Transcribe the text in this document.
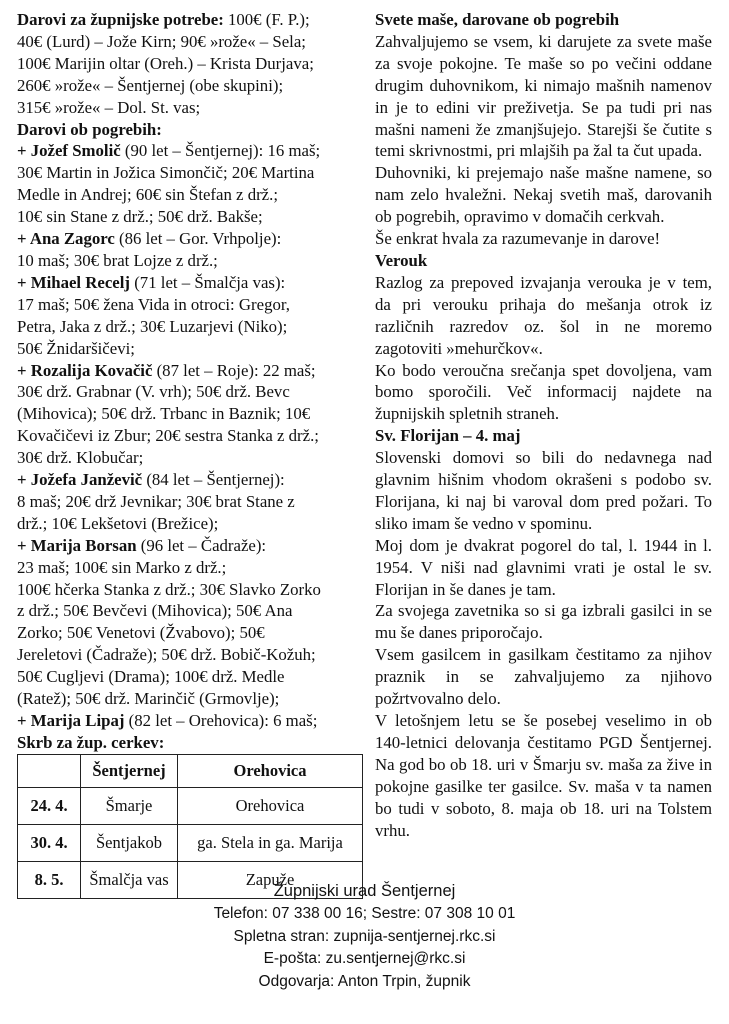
Darovi za župnijske potrebe: 100€ (F. P.);

40€ (Lurd) – Jože Kirn; 90€ »rože« – Sela;

100€ Marijin oltar (Oreh.) – Krista Durjava;

260€ »rože« – Šentjernej (obe skupini);

315€ »rože« – Dol. St. vas;

Darovi ob pogrebih:

+ Jožef Smolič (90 let – Šentjernej): 16 maš;

30€ Martin in Jožica Simončič; 20€ Martina

Medle in Andrej; 60€ sin Štefan z drž.;

10€ sin Stane z drž.; 50€ drž. Bakše;

+ Ana Zagorc (86 let – Gor. Vrhpolje):

10 maš; 30€ brat Lojze z drž.;

+ Mihael Recelj (71 let – Šmalčja vas):

17 maš; 50€ žena Vida in otroci: Gregor,

Petra, Jaka z drž.; 30€ Luzarjevi (Niko);

50€ Žnidaršičevi;

+ Rozalija Kovačič (87 let – Roje): 22 maš;

30€ drž. Grabnar (V. vrh); 50€ drž. Bevc

(Mihovica); 50€ drž. Trbanc in Baznik; 10€

Kovačičevi iz Zbur; 20€ sestra Stanka z drž.;

30€ drž. Klobučar;

+ Jožefa Janževič (84 let – Šentjernej):

8 maš; 20€ drž Jevnikar; 30€ brat Stane z

drž.; 10€ Lekšetovi (Brežice);

+ Marija Borsan (96 let – Čadraže):

23 maš; 100€ sin Marko z drž.;

100€ hčerka Stanka z drž.; 30€ Slavko Zorko

z drž.; 50€ Bevčevi (Mihovica); 50€ Ana

Zorko; 50€ Venetovi (Žvabovo); 50€

Jereletovi (Čadraže); 50€ drž. Bobič-Kožuh;

50€ Cugljevi (Drama); 100€ drž. Medle

(Ratež); 50€ drž. Marinčič (Grmovlje);

+ Marija Lipaj (82 let – Orehovica): 6 maš;

Skrb za žup. cerkev:

	Šentjernej	Orehovica
24. 4.	Šmarje	Orehovica
30. 4.	Šentjakob	ga. Stela in ga. Marija
8. 5.	Šmalčja vas	Zapuže

Svete maše, darovane ob pogrebih

Zahvaljujemo se vsem, ki darujete za svete maše za svoje pokojne. Te maše so po večini oddane drugim duhovnikom, ki nimajo mašnih namenov in je to edini vir preživetja. Se pa tudi pri nas mašni nameni že zmanjšujejo. Starejši še čutite s temi skrivnostmi, pri mlajših pa žal ta čut upada.

Duhovniki, ki prejemajo naše mašne namene, so nam zelo hvaležni. Nekaj svetih maš, darovanih ob pogrebih, opravimo v domačih cerkvah.

Še enkrat hvala za razumevanje in darove!

Verouk

Razlog za prepoved izvajanja verouka je v tem, da pri verouku prihaja do mešanja otrok iz različnih razredov oz. šol in ne moremo zagotoviti »mehurčkov«.

Ko bodo veroučna srečanja spet dovoljena, vam bomo sporočili. Več informacij najdete na župnijskih spletnih straneh.

Sv. Florijan – 4. maj

Slovenski domovi so bili do nedavnega nad glavnim hišnim vhodom okrašeni s podobo sv. Florijana, ki naj bi varoval dom pred požari. To sliko imam še vedno v spominu.

Moj dom je dvakrat pogorel do tal, l. 1944 in l. 1954. V niši nad glavnimi vrati je ostal le sv. Florijan in še danes je tam.

Za svojega zavetnika so si ga izbrali gasilci in se mu še danes priporočajo.

Vsem gasilcem in gasilkam čestitamo za njihov praznik in se zahvaljujemo za njihovo požrtvovalno delo.

V letošnjem letu se še posebej veselimo in ob 140-letnici delovanja čestitamo PGD Šentjernej. Na god bo ob 18. uri v Šmarju sv. maša za žive in pokojne gasilke ter gasilce. Sv. maša v ta namen bo tudi v soboto, 8. maja ob 18. uri na Tolstem vrhu.

Župnijski urad Šentjernej
Telefon: 07 338 00 16; Sestre: 07 308 10 01
Spletna stran: zupnija-sentjernej.rkc.si
E-pošta: zu.sentjernej@rkc.si
Odgovarja: Anton Trpin, župnik
